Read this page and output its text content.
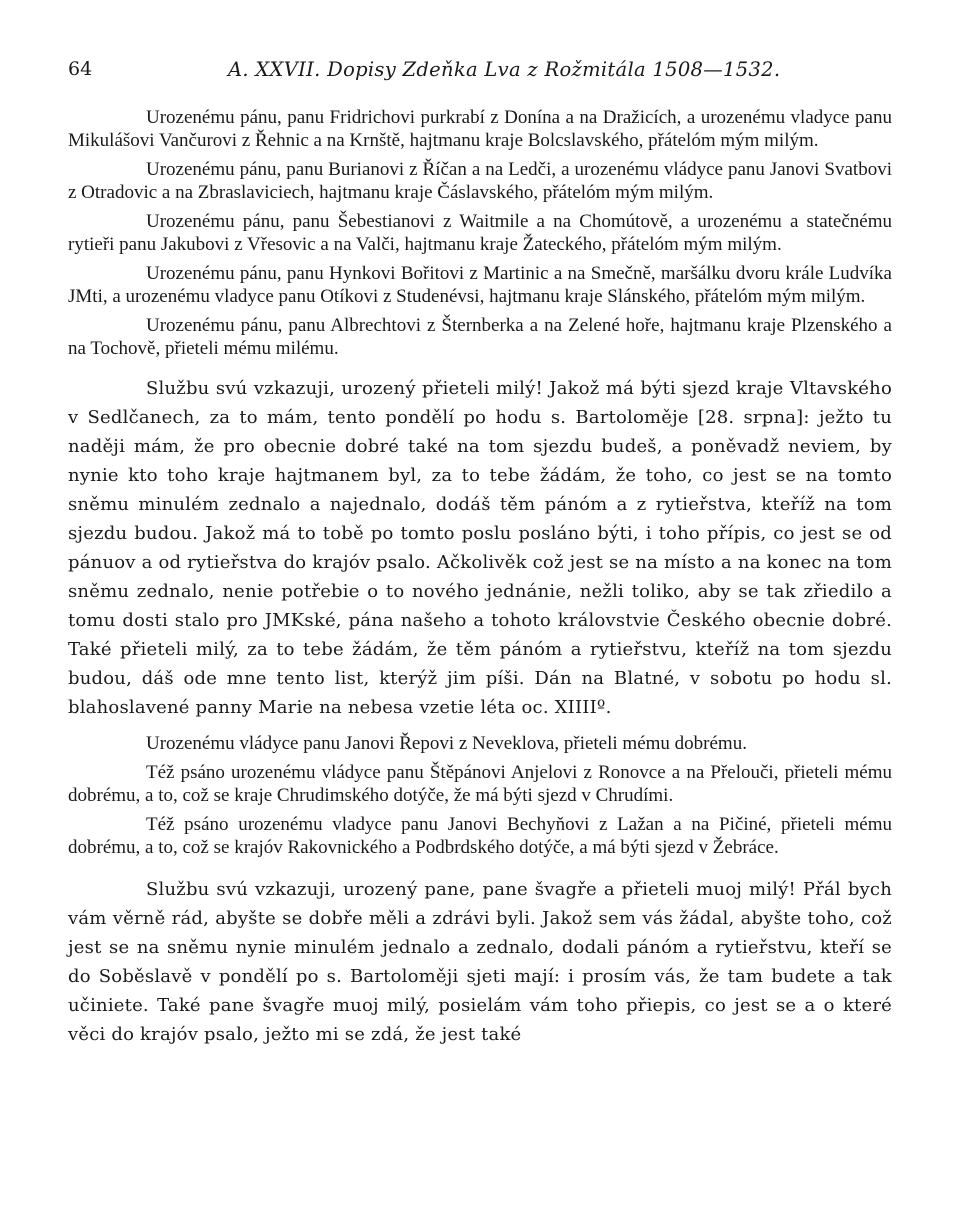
64	A. XXVII. Dopisy Zdeňka Lva z Rožmitála 1508—1532.

Urozenému pánu, panu Fridrichovi purkrabí z Donína a na Dražicích, a urozenému vladyce panu Mikulášovi Vančurovi z Řehnic a na Krnště, hajtmanu kraje Bolcslavského, přátelóm mým milým.

Urozenému pánu, panu Burianovi z Říčan a na Ledči, a urozenému vládyce panu Janovi Svatbovi z Otradovic a na Zbraslaviciech, hajtmanu kraje Čáslavského, přátelóm mým milým.

Urozenému pánu, panu Šebestianovi z Waitmile a na Chomútově, a urozenému a statečnému rytieři panu Jakubovi z Vřesovic a na Valči, hajtmanu kraje Žateckého, přátelóm mým milým.

Urozenému pánu, panu Hynkovi Bořitovi z Martinic a na Smečně, maršálku dvoru krále Ludvíka JMti, a urozenému vladyce panu Otíkovi z Studenévsi, hajtmanu kraje Slánského, přátelóm mým milým.

Urozenému pánu, panu Albrechtovi z Šternberka a na Zelené hoře, hajtmanu kraje Plzenského a na Tochově, přieteli mému milému.

Službu svú vzkazuji, urozený přieteli milý! Jakož má býti sjezd kraje Vltavského v Sedlčanech, za to mám, tento pondělí po hodu s. Bartoloměje [28. srpna]: ježto tu naději mám, že pro obecnie dobré také na tom sjezdu budeš, a poněvadž neviem, by nynie kto toho kraje hajtmanem byl, za to tebe žádám, že toho, co jest se na tomto sněmu minulém zednalo a najednalo, dodáš těm pánóm a z rytieřstva, kteříž na tom sjezdu budou. Jakož má to tobě po tomto poslu posláno býti, i toho přípis, co jest se od pánuov a od rytieřstva do krajóv psalo. Ačkolivěk což jest se na místo a na konec na tom sněmu zednalo, nenie potřebie o to nového jednánie, nežli toliko, aby se tak zřiedilo a tomu dosti stalo pro JMKské, pána našeho a tohoto královstvie Českého obecnie dobré. Také přieteli milý, za to tebe žádám, že těm pánóm a rytieřstvu, kteříž na tom sjezdu budou, dáš ode mne tento list, kterýž jim píši. Dán na Blatné, v sobotu po hodu sl. blahoslavené panny Marie na nebesa vzetie léta oc. XIIIIº.

Urozenému vládyce panu Janovi Řepovi z Neveklova, přieteli mému dobrému.

Též psáno urozenému vládyce panu Štěpánovi Anjelovi z Ronovce a na Přelouči, přieteli mému dobrému, a to, což se kraje Chrudimského dotýče, že má býti sjezd v Chrudími.

Též psáno urozenému vladyce panu Janovi Bechyňovi z Lažan a na Pičiné, přieteli mému dobrému, a to, což se krajóv Rakovnického a Podbrdského dotýče, a má býti sjezd v Žebráce.

Službu svú vzkazuji, urozený pane, pane švagře a přieteli muoj milý! Přál bych vám věrně rád, abyšte se dobře měli a zdrávi byli. Jakož sem vás žádal, abyšte toho, což jest se na sněmu nynie minulém jednalo a zednalo, dodali pánóm a rytieřstvu, kteří se do Soběslavě v pondělí po s. Bartoloměji sjeti mají: i prosím vás, že tam budete a tak učiniete. Také pane švagře muoj milý, posielám vám toho přiepis, co jest se a o které věci do krajóv psalo, ježto mi se zdá, že jest také
